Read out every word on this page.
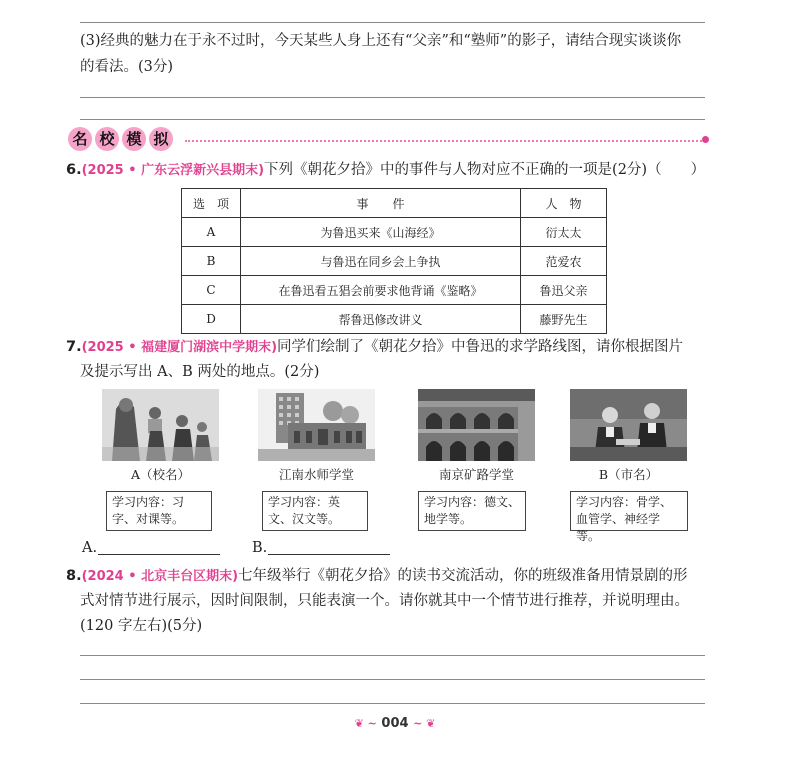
(3)经典的魅力在于永不过时，今天某些人身上还有“父亲”和“塾师”的影子，请结合现实谈谈你
的看法。(3分)
名 校 模 拟
6.(2025 • 广东云浮新兴县期末)下列《朝花夕拾》中的事件与人物对应不正确的一项是(2分)（　　）
选　项	事　　件	人　物
A	为鲁迅买来《山海经》	衍太太
B	与鲁迅在同乡会上争执	范爱农
C	在鲁迅看五猖会前要求他背诵《鉴略》	鲁迅父亲
D	帮鲁迅修改讲义	藤野先生
7.(2025 • 福建厦门湖滨中学期末)同学们绘制了《朝花夕拾》中鲁迅的求学路线图，请你根据图片
及提示写出 A、B 两处的地点。(2分)
A（校名）	江南水师学堂	南京矿路学堂	B（市名）
学习内容：习字、对课等。
学习内容：英文、汉文等。
学习内容：德文、地学等。
学习内容：骨学、血管学、神经学等。
A.	B.
8.(2024 • 北京丰台区期末)七年级举行《朝花夕拾》的读书交流活动，你的班级准备用情景剧的形
式对情节进行展示，因时间限制，只能表演一个。请你就其中一个情节进行推荐，并说明理由。
(120 字左右)(5分)
❦ ~ 004 ~ ❦
